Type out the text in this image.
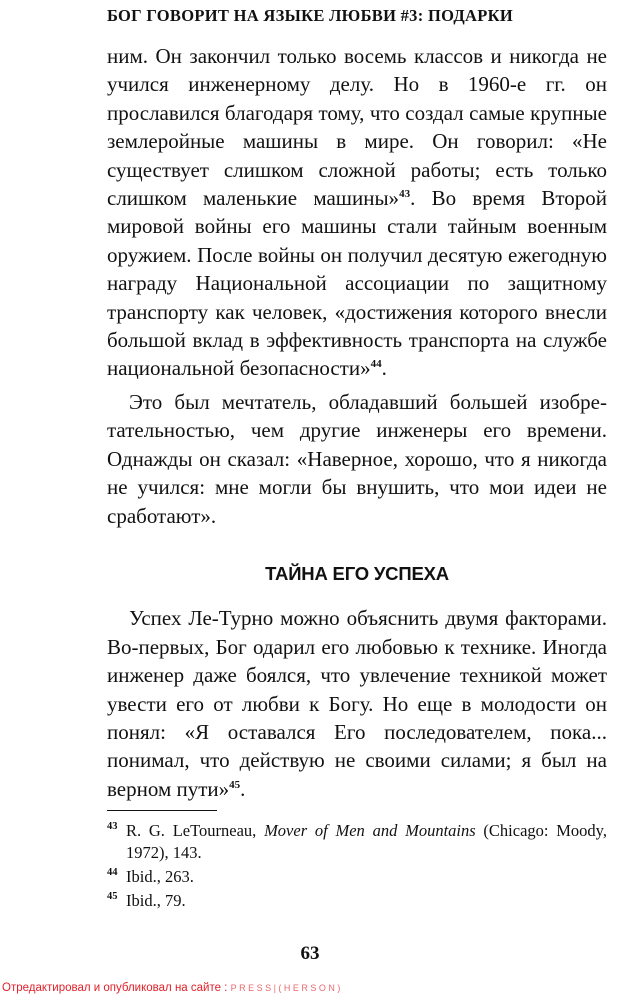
БОГ ГОВОРИТ НА ЯЗЫКЕ ЛЮБВИ #3: ПОДАРКИ

ним. Он закончил только восемь классов и никогда не учился инженерному делу. Но в 1960-е гг. он прославился благодаря тому, что создал самые крупные землеройные машины в мире. Он говорил: «Не существует слишком сложной работы; есть только слишком маленькие машины»$^{43}$. Во время Второй мировой войны его машины стали тайным военным оружием. После войны он получил десятую ежегодную награду Национальной ассоциации по защитному транспорту как человек, «достижения которого внесли большой вклад в эффективность транспорта на службе национальной безопасности»$^{44}$.

Это был мечтатель, обладавший большей изобретательностью, чем другие инженеры его времени. Однажды он сказал: «Наверное, хорошо, что я никогда не учился: мне могли бы внушить, что мои идеи не сработают».

ТАЙНА ЕГО УСПЕХА

Успех Ле-Турно можно объяснить двумя факторами. Во-первых, Бог одарил его любовью к технике. Иногда инженер даже боялся, что увлечение техникой может увести его от любви к Богу. Но еще в молодости он понял: «Я оставался Его последователем, пока... понимал, что действую не своими силами; я был на верном пути»$^{45}$.

43 R. G. LeTourneau, Mover of Men and Mountains (Chicago: Moody, 1972), 143.
44 Ibid., 263.
45 Ibid., 79.
63
Отредактировал и опубликовал на сайте : PRESS|(HERSON)
